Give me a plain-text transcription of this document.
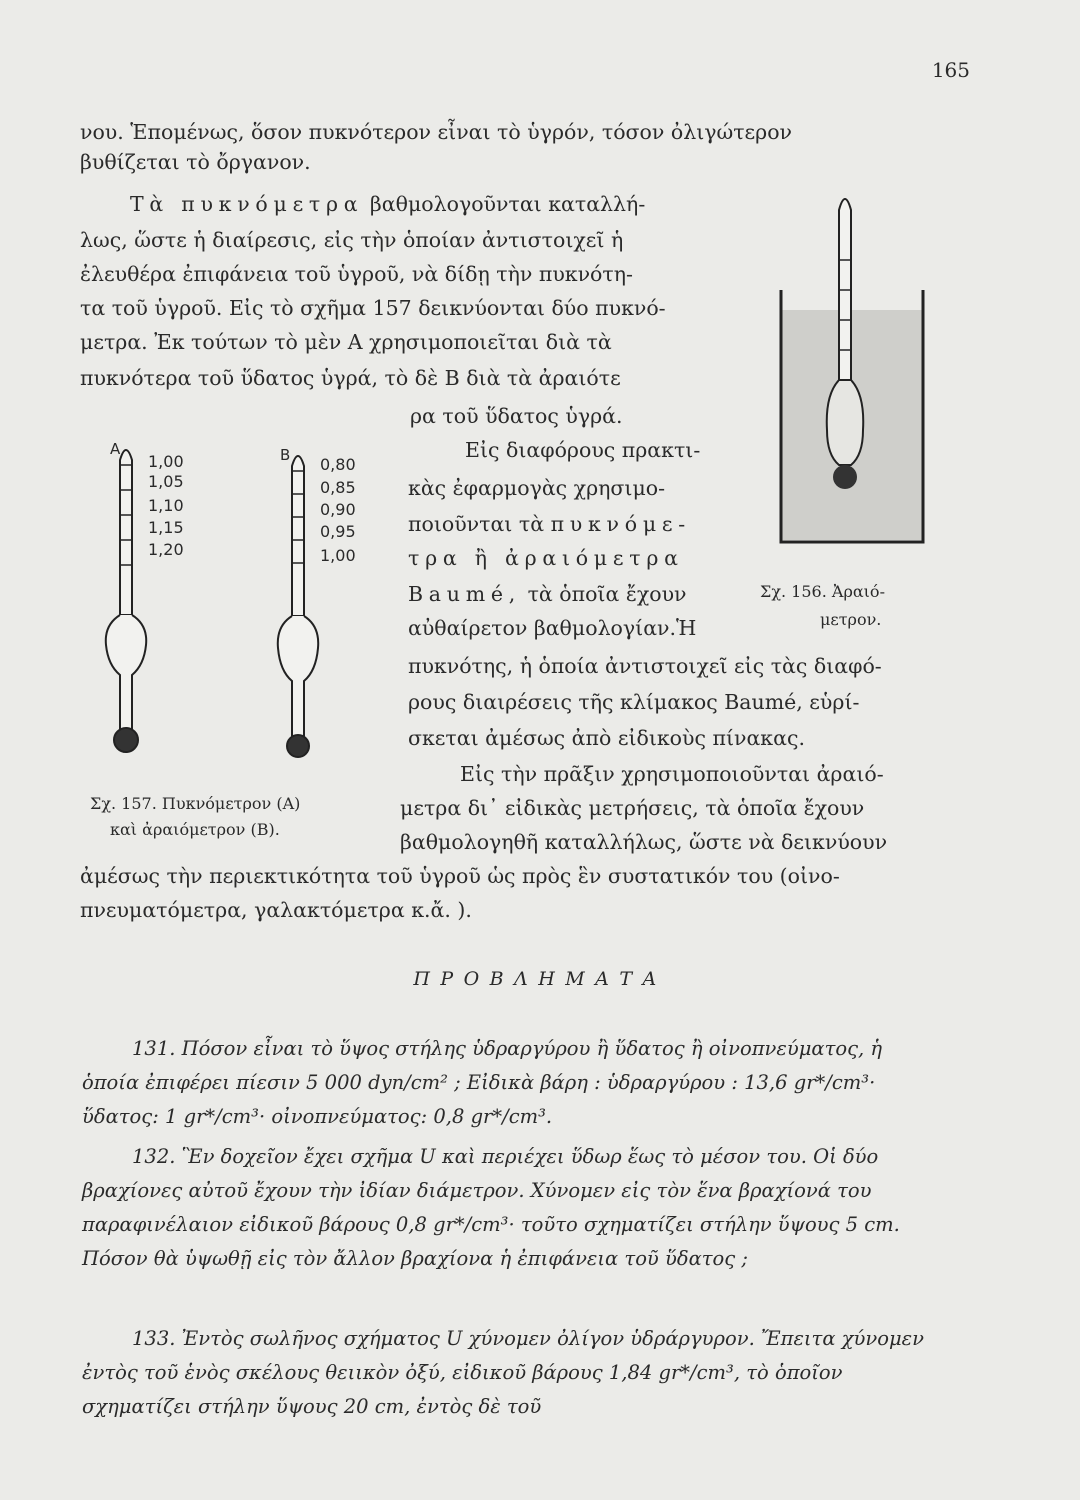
165
νου. Ἑπομένως, ὅσον πυκνότερον εἶναι τὸ ὑγρόν, τόσον ὀλιγώτερον
βυθίζεται τὸ ὄργανον.
Τὰ πυκνόμετρα βαθμολογοῦνται καταλλή-
λως, ὥστε ἡ διαίρεσις, εἰς τὴν ὁποίαν ἀντιστοιχεῖ ἡ
ἐλευθέρα ἐπιφάνεια τοῦ ὑγροῦ, νὰ δίδῃ τὴν πυκνότη-
τα τοῦ ὑγροῦ. Εἰς τὸ σχῆμα 157 δεικνύονται δύο πυκνό-
μετρα. Ἐκ τούτων τὸ μὲν Α χρησιμοποιεῖται διὰ τὰ
πυκνότερα τοῦ ὕδατος ὑγρά, τὸ δὲ Β διὰ τὰ ἀραιότε
ρα τοῦ ὕδατος ὑγρά.
Εἰς διαφόρους πρακτι-
κὰς ἐφαρμογὰς χρησιμο-
ποιοῦνται τὰ πυκνόμε-
τρα ἢ ἀραιόμετρα
Baumé, τὰ ὁποῖα ἔχουν
αὐθαίρετον βαθμολογίαν.Ἡ
πυκνότης, ἡ ὁποία ἀντιστοιχεῖ εἰς τὰς διαφό-
ρους διαιρέσεις τῆς κλίμακος Baumé, εὑρί-
σκεται ἀμέσως ἀπὸ εἰδικοὺς πίνακας.
Εἰς τὴν πρᾶξιν χρησιμοποιοῦνται ἀραιό-
μετρα δι᾽ εἰδικὰς μετρήσεις, τὰ ὁποῖα ἔχουν
βαθμολογηθῆ καταλλήλως, ὥστε νὰ δεικνύουν
ἀμέσως τὴν περιεκτικότητα τοῦ ὑγροῦ ὡς πρὸς ἓν συστατικόν του (οἰνο-
πνευματόμετρα, γαλακτόμετρα κ.ἄ. ).
Σχ. 156. Ἀραιό-
μετρον.
A	B
1,00
1,05
1,10
1,15
1,20
0,80
0,85
0,90
0,95
1,00
Σχ. 157. Πυκνόμετρον (Α)
καὶ ἀραιόμετρον (Β).
ΠΡΟΒΛΗΜΑΤΑ
131. Πόσον εἶναι τὸ ὕψος στήλης ὑδραργύρου ἢ ὕδατος ἢ οἰνοπνεύματος, ἡ ὁποία ἐπιφέρει πίεσιν 5 000 dyn/cm² ; Εἰδικὰ βάρη : ὑδραργύρου : 13,6 gr*/cm³· ὕδατος: 1 gr*/cm³· οἰνοπνεύματος: 0,8 gr*/cm³.
132. Ἓν δοχεῖον ἔχει σχῆμα U καὶ περιέχει ὕδωρ ἕως τὸ μέσον του. Οἱ δύο βραχίονες αὐτοῦ ἔχουν τὴν ἰδίαν διάμετρον. Χύνομεν εἰς τὸν ἕνα βραχίονά του παραφινέλαιον εἰδικοῦ βάρους 0,8 gr*/cm³· τοῦτο σχηματίζει στήλην ὕψους 5 cm. Πόσον θὰ ὑψωθῇ εἰς τὸν ἄλλον βραχίονα ἡ ἐπιφάνεια τοῦ ὕδατος ;
133. Ἐντὸς σωλῆνος σχήματος U χύνομεν ὀλίγον ὑδράργυρον. Ἔπειτα χύνομεν ἐντὸς τοῦ ἑνὸς σκέλους θειικὸν ὀξύ, εἰδικοῦ βάρους 1,84 gr*/cm³, τὸ ὁποῖον σχηματίζει στήλην ὕψους 20 cm, ἐντὸς δὲ τοῦ
